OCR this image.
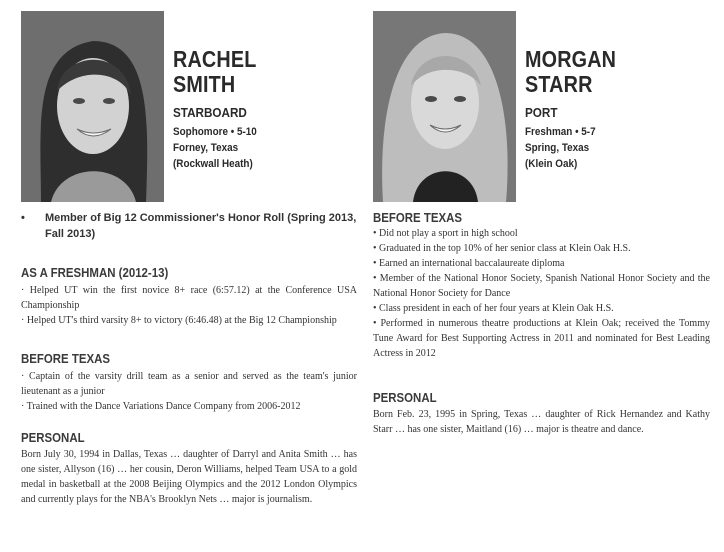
RACHEL
SMITH
STARBOARD
Sophomore • 5-10
Forney, Texas
(Rockwall Heath)
MORGAN
STARR
PORT
Freshman • 5-7
Spring, Texas
(Klein Oak)
• Member of Big 12 Commissioner's Honor Roll (Spring 2013, Fall 2013)
AS A FRESHMAN (2012-13)

· Helped UT win the first novice 8+ race (6:57.12) at the Conference USA Championship

· Helped UT's third varsity 8+ to victory (6:46.48) at the Big 12 Championship

BEFORE TEXAS

· Captain of the varsity drill team as a senior and served as the team's junior lieutenant as a junior

· Trained with the Dance Variations Dance Company from 2006-2012

PERSONAL

Born July 30, 1994 in Dallas, Texas … daughter of Darryl and Anita Smith … has one sister, Allyson (16) … her cousin, Deron Williams, helped Team USA to a gold medal in basketball at the 2008 Beijing Olympics and the 2012 London Olympics and currently plays for the NBA's Brooklyn Nets … major is journalism.

BEFORE TEXAS

• Did not play a sport in high school

• Graduated in the top 10% of her senior class at Klein Oak H.S.

• Earned an international baccalaureate diploma

• Member of the National Honor Society, Spanish National Honor Society and the National Honor Society for Dance

• Class president in each of her four years at Klein Oak H.S.

• Performed in numerous theatre productions at Klein Oak; received the Tommy Tune Award for Best Supporting Actress in 2011 and nominated for Best Leading Actress in 2012

PERSONAL

Born Feb. 23, 1995 in Spring, Texas … daughter of Rick Hernandez and Kathy Starr … has one sister, Maitland (16) … major is theatre and dance.
